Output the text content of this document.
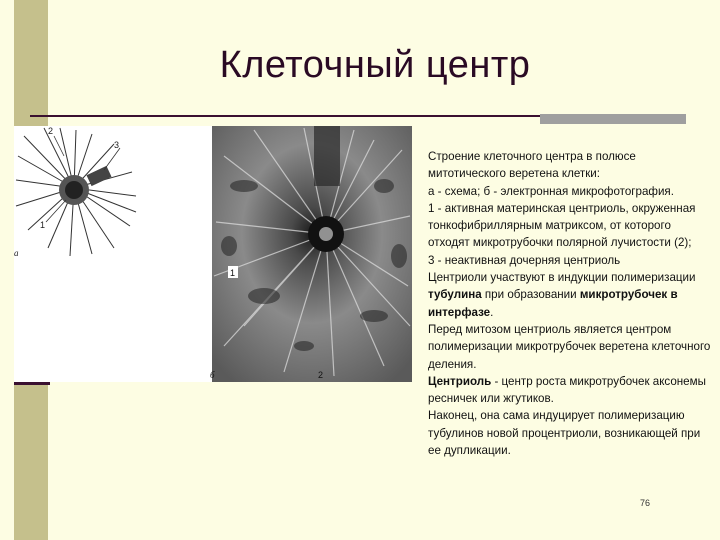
Клеточный центр
2
3
1
а
1
б	2

Строение клеточного центра в полюсе митотического веретена клетки:

а - схема; б - электронная микрофотография.

1 - активная материнская центриоль, окруженная тонкофибриллярным матриксом, от которого отходят микротрубочки полярной лучистости (2);

3 - неактивная дочерняя центриоль

Центриоли участвуют в индукции полимеризации тубулина при образовании микротрубочек в интерфазе.

Перед митозом центриоль является центром полимеризации микротрубочек веретена клеточного деления.

Центриоль - центр роста микротрубочек аксонемы ресничек или жгутиков.

Наконец, она сама индуцирует полимеризацию тубулинов новой процентриоли, возникающей при ее дупликации.

76
